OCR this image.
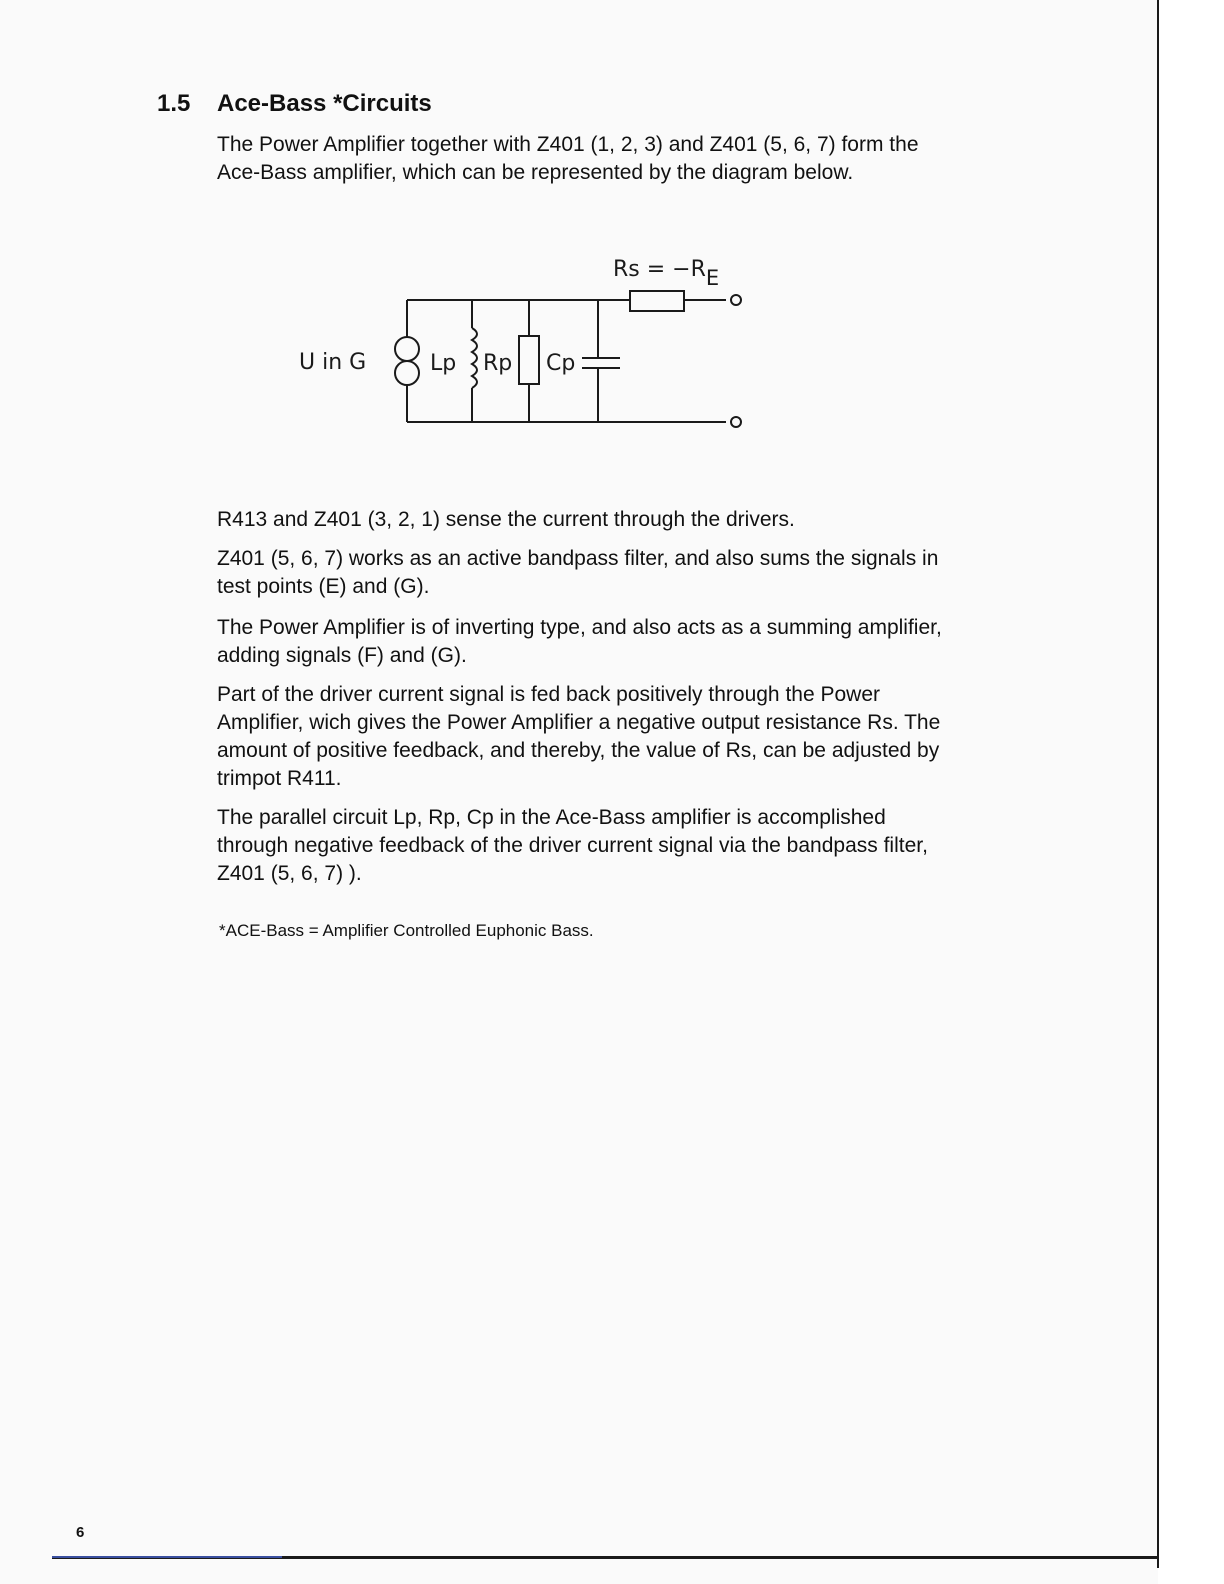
1.5 Ace-Bass *Circuits

The Power Amplifier together with Z401 (1, 2, 3) and Z401 (5, 6, 7) form the Ace-Bass amplifier, which can be represented by the diagram below.

U in G	Lp Rp Cp
Rs = −RE

R413 and Z401 (3, 2, 1) sense the current through the drivers.

Z401 (5, 6, 7) works as an active bandpass filter, and also sums the signals in test points (E) and (G).

The Power Amplifier is of inverting type, and also acts as a summing amplifier, adding signals (F) and (G).

Part of the driver current signal is fed back positively through the Power Amplifier, wich gives the Power Amplifier a negative output resistance Rs. The amount of positive feedback, and thereby, the value of Rs, can be adjusted by trimpot R411.

The parallel circuit Lp, Rp, Cp in the Ace-Bass amplifier is accomplished through negative feedback of the driver current signal via the bandpass filter, Z401 (5, 6, 7) ).

*ACE-Bass = Amplifier Controlled Euphonic Bass.
6
